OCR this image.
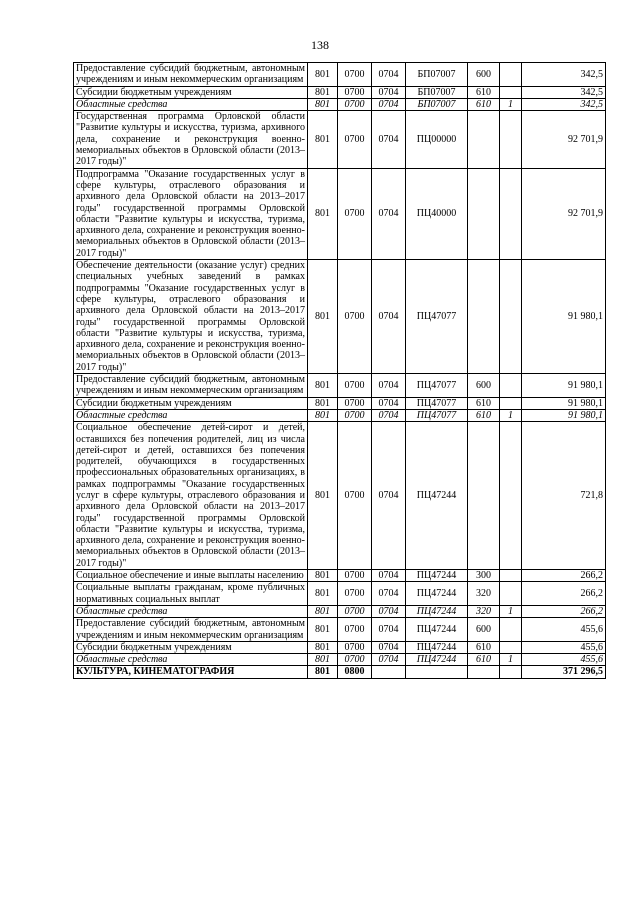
138
Предоставление субсидий бюджетным, автономным учреждениям и иным некоммерческим организациям	801	0700	0704	БП07007	600		342,5
Субсидии бюджетным учреждениям	801	0700	0704	БП07007	610		342,5
Областные средства	801	0700	0704	БП07007	610	1	342,5
Государственная программа Орловской области "Развитие культуры и искусства, туризма, архивного дела, сохранение и реконструкция военно-мемориальных объектов в Орловской области (2013–2017 годы)"	801	0700	0704	ПЦ00000			92 701,9
Подпрограмма "Оказание государственных услуг в сфере культуры, отраслевого образования и архивного дела Орловской области на 2013–2017 годы" государственной программы Орловской области "Развитие культуры и искусства, туризма, архивного дела, сохранение и реконструкция военно-мемориальных объектов в Орловской области (2013–2017 годы)"	801	0700	0704	ПЦ40000			92 701,9
Обеспечение деятельности (оказание услуг) средних специальных учебных заведений в рамках подпрограммы "Оказание государственных услуг в сфере культуры, отраслевого образования и архивного дела Орловской области на 2013–2017 годы" государственной программы Орловской области "Развитие культуры и искусства, туризма, архивного дела, сохранение и реконструкция военно-мемориальных объектов в Орловской области (2013–2017 годы)"	801	0700	0704	ПЦ47077			91 980,1
Предоставление субсидий бюджетным, автономным учреждениям и иным некоммерческим организациям	801	0700	0704	ПЦ47077	600		91 980,1
Субсидии бюджетным учреждениям	801	0700	0704	ПЦ47077	610		91 980,1
Областные средства	801	0700	0704	ПЦ47077	610	1	91 980,1
Социальное обеспечение детей-сирот и детей, оставшихся без попечения родителей, лиц из числа детей-сирот и детей, оставшихся без попечения родителей, обучающихся в государственных профессиональных образовательных организациях, в рамках подпрограммы "Оказание государственных услуг в сфере культуры, отраслевого образования и архивного дела Орловской области на 2013–2017 годы" государственной программы Орловской области "Развитие культуры и искусства, туризма, архивного дела, сохранение и реконструкция военно-мемориальных объектов в Орловской области (2013–2017 годы)"	801	0700	0704	ПЦ47244			721,8
Социальное обеспечение и иные выплаты населению	801	0700	0704	ПЦ47244	300		266,2
Социальные выплаты гражданам, кроме публичных нормативных социальных выплат	801	0700	0704	ПЦ47244	320		266,2
Областные средства	801	0700	0704	ПЦ47244	320	1	266,2
Предоставление субсидий бюджетным, автономным учреждениям и иным некоммерческим организациям	801	0700	0704	ПЦ47244	600		455,6
Субсидии бюджетным учреждениям	801	0700	0704	ПЦ47244	610		455,6
Областные средства	801	0700	0704	ПЦ47244	610	1	455,6
КУЛЬТУРА, КИНЕМАТОГРАФИЯ	801	0800					371 296,5
